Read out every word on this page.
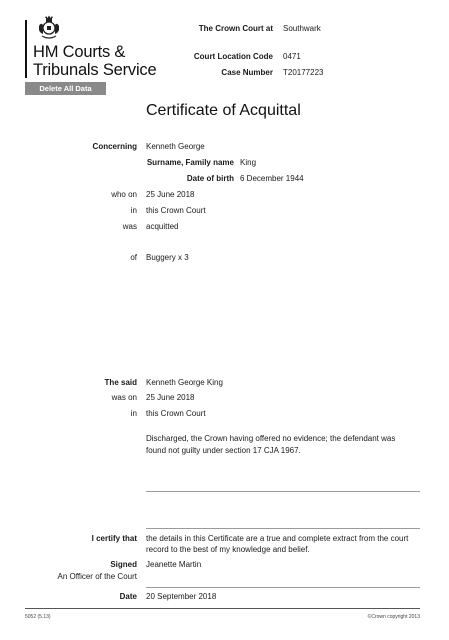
HM Courts &
Tribunals Service
Delete All Data
The Crown Court at Southwark
Court Location Code 0471
Case Number T20177223
Certificate of Acquittal
Concerning Kenneth George
Surname, Family name King
Date of birth 6 December 1944
who on 25 June 2018
in this Crown Court
was acquitted
of Buggery x 3
The said Kenneth George King
was on 25 June 2018
in this Crown Court
Discharged, the Crown having offered no evidence; the defendant was
found not guilty under section 17 CJA 1967.
I certify that the details in this Certificate are a true and complete extract from the court
record to the best of my knowledge and belief.
Signed
An Officer of the Court
Jeanette Martin
Date 20 September 2018
5052 (5.13)	©Crown copyright 2013
